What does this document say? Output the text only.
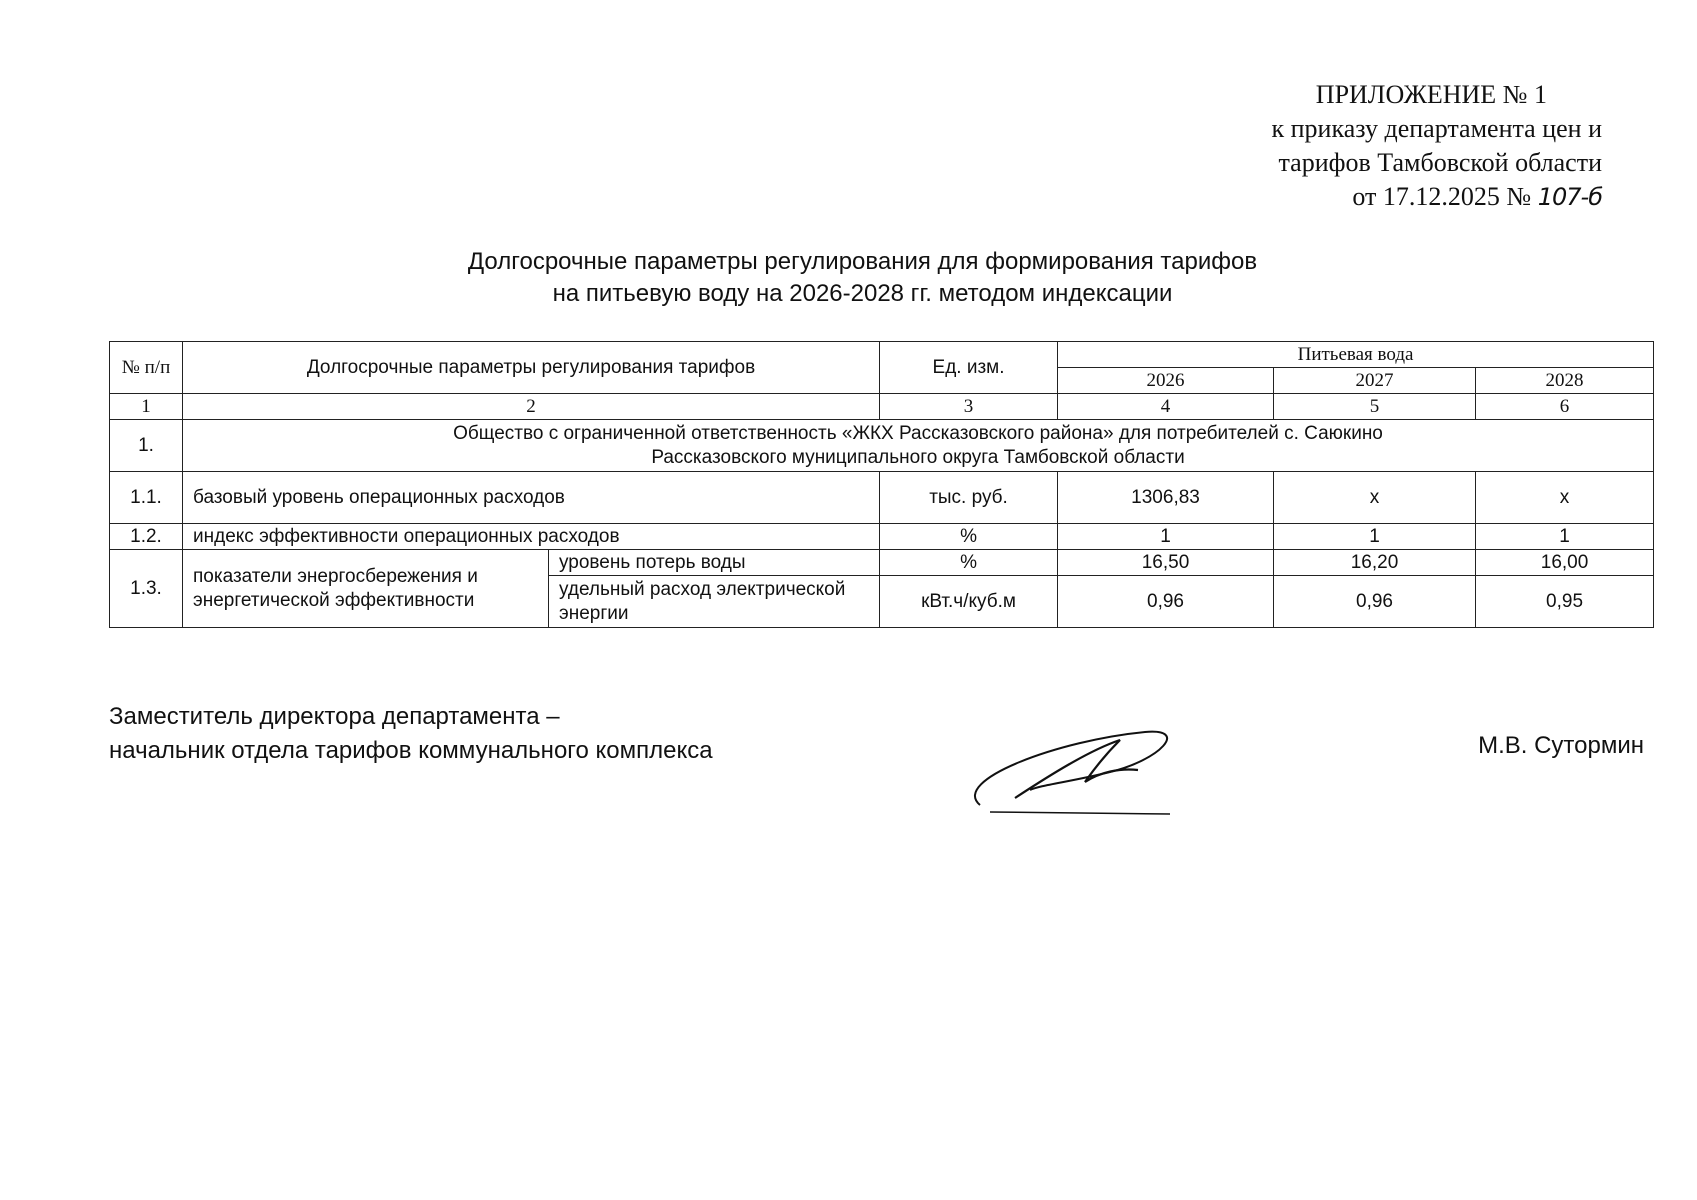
ПРИЛОЖЕНИЕ № 1
к приказу департамента цен и
тарифов Тамбовской области
от 17.12.2025 № 107-б
Долгосрочные параметры регулирования для формирования тарифов
на питьевую воду на 2026-2028 гг. методом индексации
№ п/п	Долгосрочные параметры регулирования тарифов		Ед. изм.	Питьевая вода		
				2026	2027	2028
1	2		3	4	5	6
1.	Общество с ограниченной ответственность «ЖКХ Рассказовского района» для потребителей с. Саюкино
Рассказовского муниципального округа Тамбовской области					

1.1.	базовый уровень операционных расходов		тыс. руб.	1306,83	х	х
1.2.	индекс эффективности операционных расходов		%	1	1	1
1.3.	показатели энергосбережения и энергетической эффективности	уровень потерь воды	%	16,50	16,20	16,00
		удельный расход электрической энергии	кВт.ч/куб.м	0,96	0,96	0,95
Заместитель директора департамента –
начальник отдела тарифов коммунального комплекса	М.В. Сутормин
